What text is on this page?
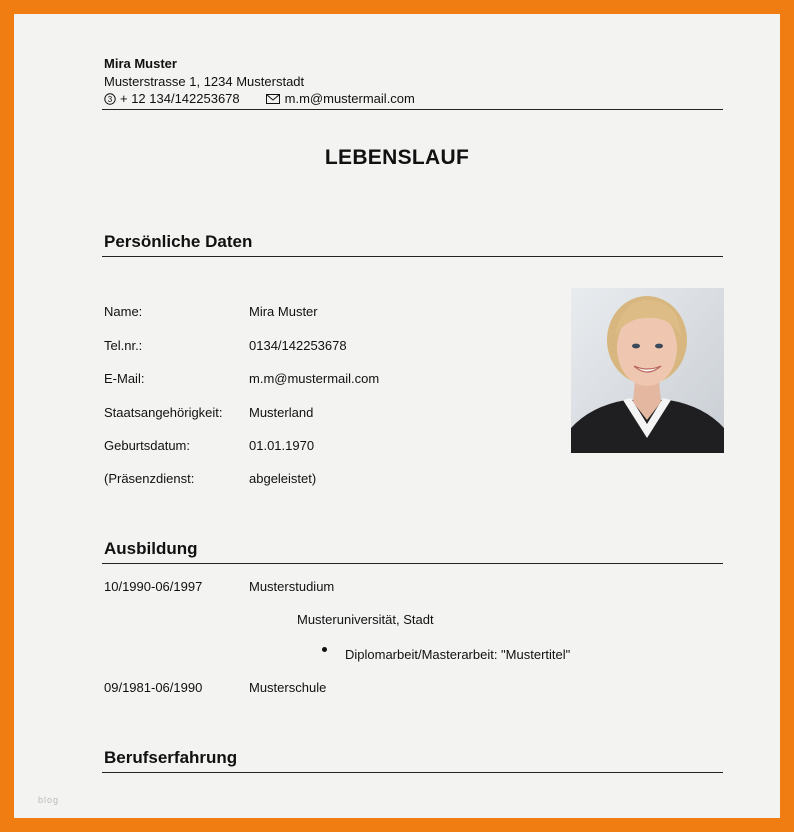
Mira Muster
Musterstrasse 1, 1234 Musterstadt
3 + 12 134/142253678	m.m@mustermail.com
LEBENSLAUF
Persönliche Daten
Name:	Mira Muster
Tel.nr.:	0134/142253678
E-Mail:	m.m@mustermail.com
Staatsangehörigkeit: Musterland
Geburtsdatum:	01.01.1970
(Präsenzdienst:	abgeleistet)
Ausbildung
10/1990-06/1997	Musterstudium
Musteruniversität, Stadt
Diplomarbeit/Masterarbeit: "Mustertitel"
09/1981-06/1990	Musterschule
Berufserfahrung
blog
